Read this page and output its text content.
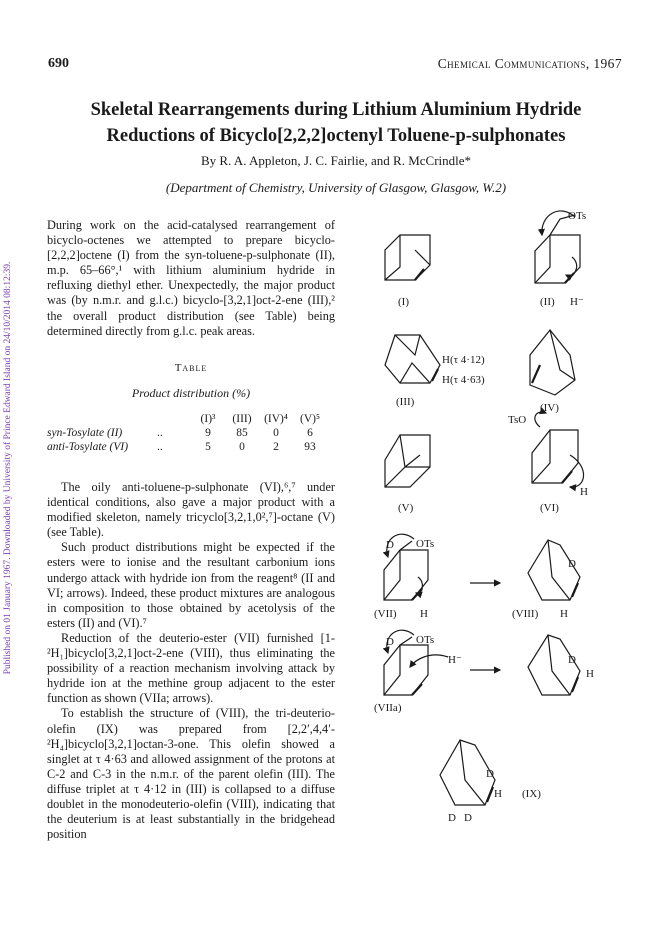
Published on 01 January 1967. Downloaded by University of Prince Edward Island on 24/10/2014 08:12:39.
690	Chemical Communications, 1967
Skeletal Rearrangements during Lithium Aluminium Hydride
Reductions of Bicyclo[2,2,2]octenyl Toluene-p-sulphonates
By R. A. Appleton, J. C. Fairlie, and R. McCrindle*
(Department of Chemistry, University of Glasgow, Glasgow, W.2)

During work on the acid-catalysed rearrangement of bicyclo-octenes we attempted to prepare bicyclo-[2,2,2]octene (I) from the syn-toluene-p-sulphonate (II), m.p. 65–66°,¹ with lithium aluminium hydride in refluxing diethyl ether. Unexpectedly, the major product was (by n.m.r. and g.l.c.) bicyclo-[3,2,1]oct-2-ene (III),² the overall product distribution (see Table) being determined directly from g.l.c. peak areas.

Table
Product distribution (%)
		(I)³	(III)	(IV)⁴	(V)⁵
syn-Tosylate (II)	..	9	85	0	6
anti-Tosylate (VI)	..	5	0	2	93

The oily anti-toluene-p-sulphonate (VI),⁶,⁷ under identical conditions, also gave a major product with a modified skeleton, namely tricyclo[3,2,1,0²,⁷]-octane (V) (see Table).

Such product distributions might be expected if the esters were to ionise and the resultant carbonium ions undergo attack with hydride ion from the reagent⁸ (II and VI; arrows). Indeed, these product mixtures are analogous in composition to those obtained by acetolysis of the esters (II) and (VI).⁷

Reduction of the deuterio-ester (VII) furnished [1-²H₁]bicyclo[3,2,1]oct-2-ene (VIII), thus eliminating the possibility of a reaction mechanism involving attack by hydride ion at the methine group adjacent to the ester function as shown (VIIa; arrows).

To establish the structure of (VIII), the tri-deuterio-olefin (IX) was prepared from [2,2′,4,4′-²H₄]bicyclo[3,2,1]octan-3-one. This olefin showed a singlet at τ 4·63 and allowed assignment of the protons at C-2 and C-3 in the n.m.r. of the parent olefin (III). The diffuse triplet at τ 4·12 in (III) is collapsed to a diffuse doublet in the monodeuterio-olefin (VIII), indicating that the deuterium is at least substantially in the bridgehead position

(I)
OTs
(II) H⁻
H(τ 4·12)
H(τ 4·63)
(III)	(IV)
(V)
TsO
H
(VI)
D OTs
(VII) H
D
(VIII) H
D OTs
H⁻
(VIIa)
D
H
D
H
D D
(IX)
